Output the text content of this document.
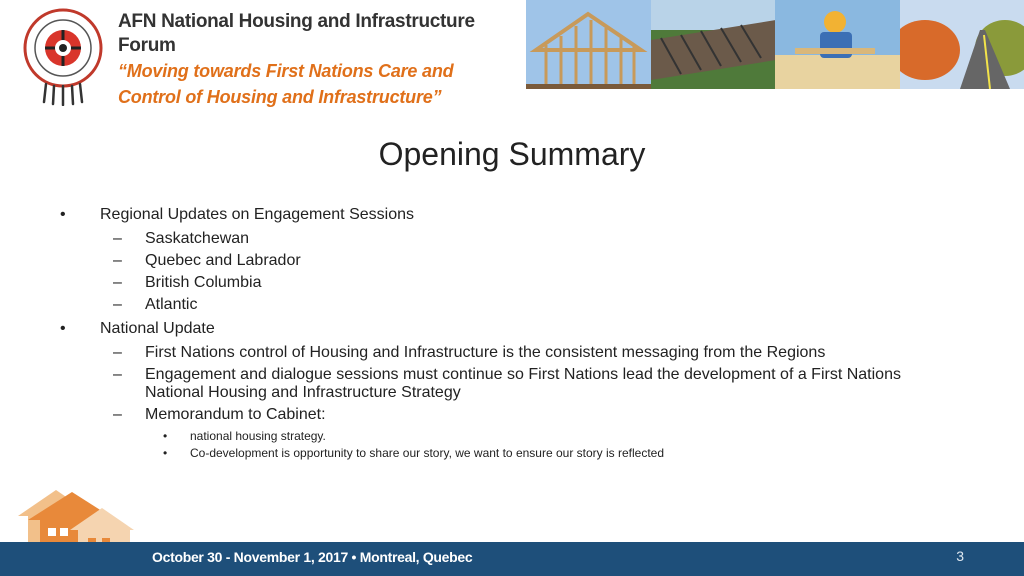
AFN National Housing and Infrastructure Forum
“Moving towards First Nations Care and
Control of Housing and Infrastructure”
Opening Summary
• Regional Updates on Engagement Sessions
– Saskatchewan
– Quebec and Labrador
– British Columbia
– Atlantic
• National Update
– First Nations control of Housing and Infrastructure is the consistent messaging from the Regions
– Engagement and dialogue sessions must continue so First Nations lead the development of a First Nations National Housing and Infrastructure Strategy
– Memorandum to Cabinet:
• national housing strategy.
• Co-development is opportunity to share our story, we want to ensure our story is reflected
October 30 - November 1, 2017 • Montreal, Quebec	3
